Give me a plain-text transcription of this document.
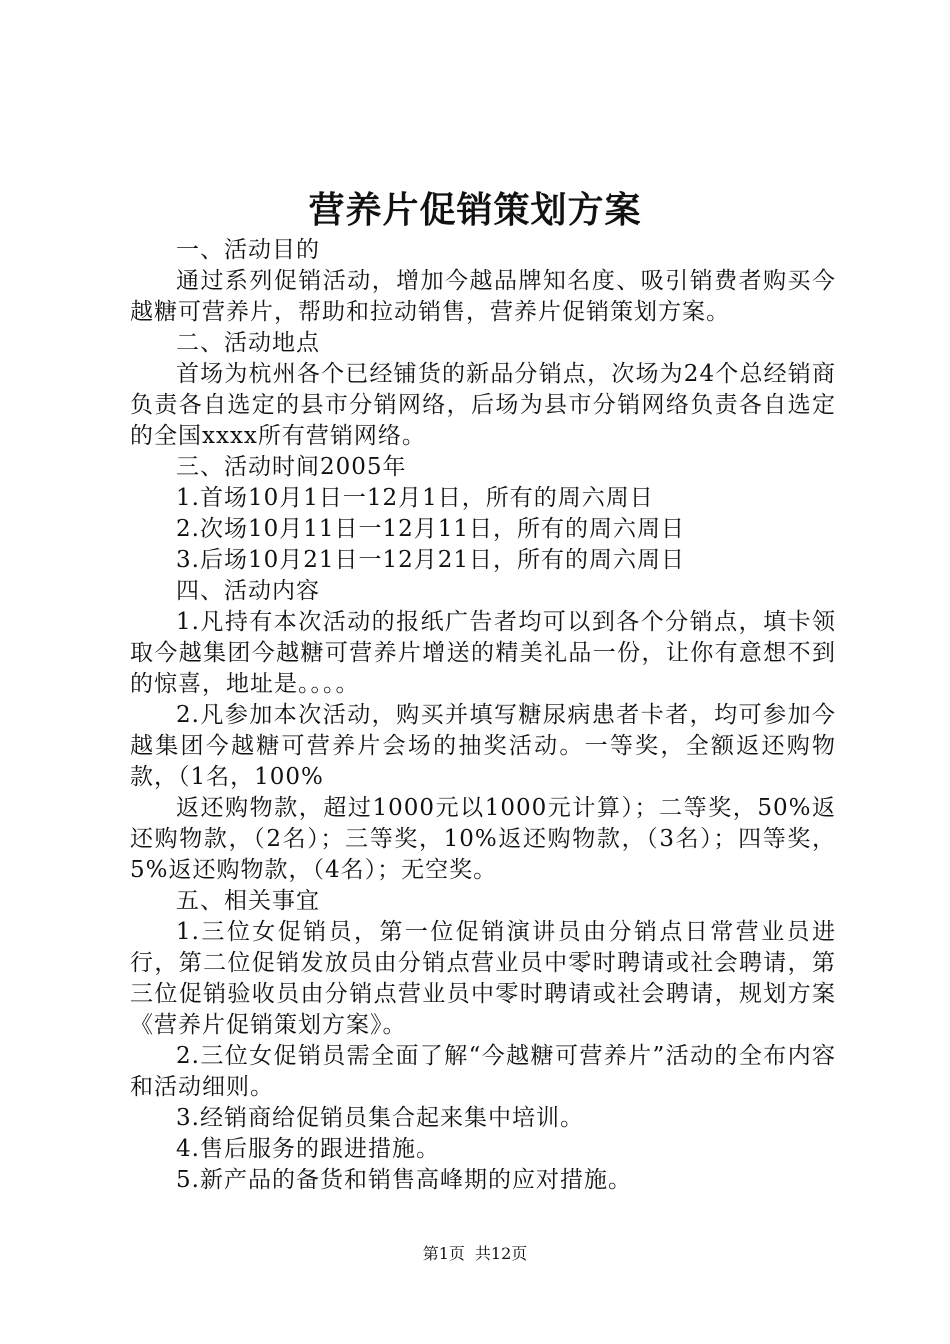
营养片促销策划方案

一、活动目的

通过系列促销活动，增加今越品牌知名度、吸引销费者购买今越糖可营养片，帮助和拉动销售，营养片促销策划方案。

二、活动地点

首场为杭州各个已经铺货的新品分销点，次场为24个总经销商负责各自选定的县市分销网络，后场为县市分销网络负责各自选定的全国xxxx所有营销网络。

三、活动时间2005年

1.首场10月1日一12月1日，所有的周六周日

2.次场10月11日一12月11日，所有的周六周日

3.后场10月21日一12月21日，所有的周六周日

四、活动内容

1.凡持有本次活动的报纸广告者均可以到各个分销点，填卡领取今越集团今越糖可营养片增送的精美礼品一份，让你有意想不到的惊喜，地址是。。。。

2.凡参加本次活动，购买并填写糖尿病患者卡者，均可参加今越集团今越糖可营养片会场的抽奖活动。一等奖，全额返还购物款，（1名，100%

返还购物款，超过1000元以1000元计算）；二等奖，50%返还购物款，（2名）；三等奖，10%返还购物款，（3名）；四等奖，5%返还购物款，（4名）；无空奖。

五、相关事宜

1.三位女促销员，第一位促销演讲员由分销点日常营业员进行，第二位促销发放员由分销点营业员中零时聘请或社会聘请，第三位促销验收员由分销点营业员中零时聘请或社会聘请，规划方案《营养片促销策划方案》。

2.三位女促销员需全面了解“今越糖可营养片”活动的全布内容和活动细则。

3.经销商给促销员集合起来集中培训。

4.售后服务的跟进措施。

5.新产品的备货和销售高峰期的应对措施。

第1页 共12页
